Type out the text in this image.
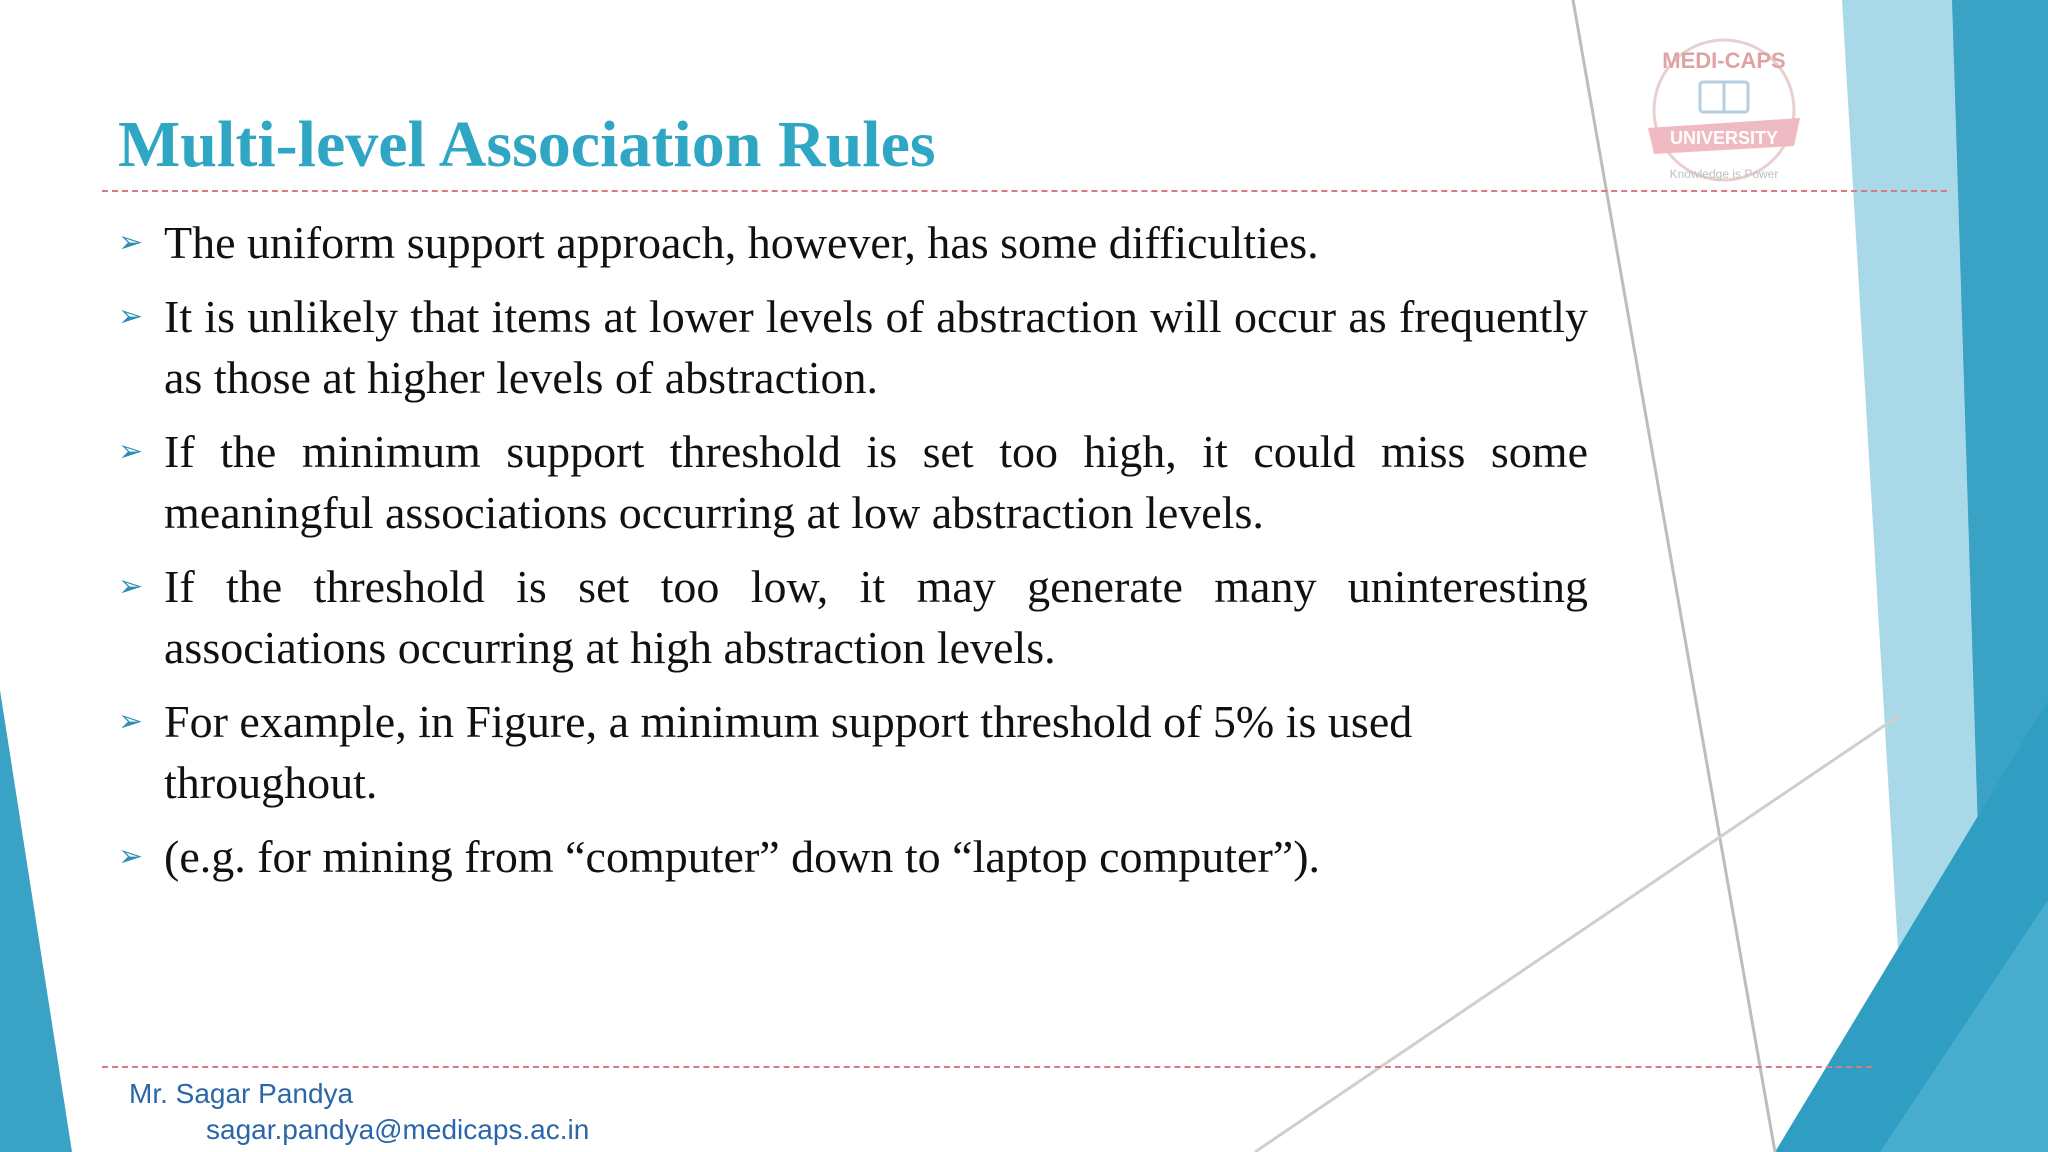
MEDI-CAPS
UNIVERSITY
Knowledge is Power
Multi-level Association Rules
➢ The uniform support approach, however, has some difficulties.
➢ It is unlikely that items at lower levels of abstraction will occur as frequently as those at higher levels of abstraction.
➢ If the minimum support threshold is set too high, it could miss some meaningful associations occurring at low abstraction levels.
➢ If the threshold is set too low, it may generate many uninteresting associations occurring at high abstraction levels.
➢ For example, in Figure, a minimum support threshold of 5% is used throughout.
➢ (e.g. for mining from “computer” down to “laptop computer”).
Mr. Sagar Pandya
sagar.pandya@medicaps.ac.in
